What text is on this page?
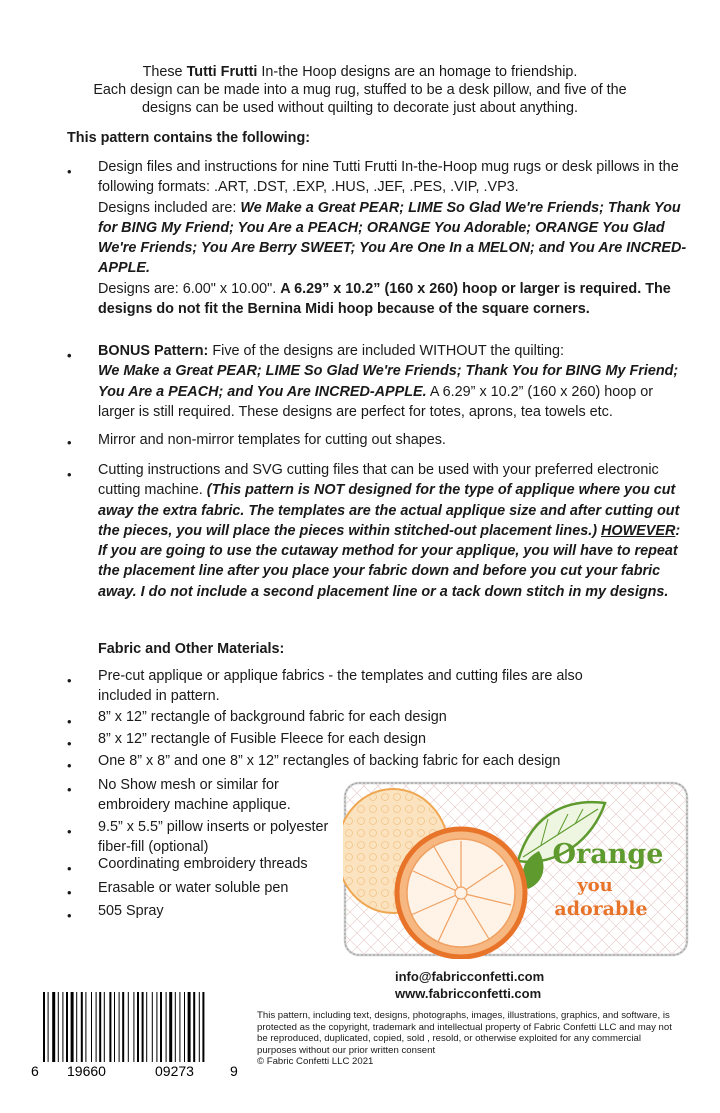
These Tutti Frutti In-the Hoop designs are an homage to friendship.
Each design can be made into a mug rug, stuffed to be a desk pillow, and five of the
designs can be used without quilting to decorate just about anything.
This pattern contains the following:
• Design files and instructions for nine Tutti Frutti In-the-Hoop mug rugs or desk pillows in the following formats: .ART, .DST, .EXP, .HUS, .JEF, .PES, .VIP, .VP3.
Designs included are: We Make a Great PEAR; LIME So Glad We're Friends; Thank You for BING My Friend; You Are a PEACH; ORANGE You Adorable; ORANGE You Glad We're Friends; You Are Berry SWEET; You Are One In a MELON; and You Are INCRED-APPLE.
Designs are: 6.00" x 10.00". A 6.29” x 10.2” (160 x 260) hoop or larger is required. The designs do not fit the Bernina Midi hoop because of the square corners.
• BONUS Pattern: Five of the designs are included WITHOUT the quilting:
We Make a Great PEAR; LIME So Glad We're Friends; Thank You for BING My Friend; You Are a PEACH; and You Are INCRED-APPLE. A 6.29” x 10.2” (160 x 260) hoop or larger is still required. These designs are perfect for totes, aprons, tea towels etc.
• Mirror and non-mirror templates for cutting out shapes.
• Cutting instructions and SVG cutting files that can be used with your preferred electronic cutting machine. (This pattern is NOT designed for the type of applique where you cut away the extra fabric. The templates are the actual applique size and after cutting out the pieces, you will place the pieces within stitched-out placement lines.) HOWEVER: If you are going to use the cutaway method for your applique, you will have to repeat the placement line after you place your fabric down and before you cut your fabric away. I do not include a second placement line or a tack down stitch in my designs.
Fabric and Other Materials:
• Pre-cut applique or applique fabrics - the templates and cutting files are also included in pattern.
• 8” x 12” rectangle of background fabric for each design
• 8” x 12” rectangle of Fusible Fleece for each design
• One 8” x 8” and one 8” x 12” rectangles of backing fabric for each design
• No Show mesh or similar for embroidery machine applique.
• 9.5” x 5.5” pillow inserts or polyester fiber-fill (optional)
• Coordinating embroidery threads
• Erasable or water soluble pen
• 505 Spray
Orange
you
adorable
info@fabricconfetti.com
www.fabricconfetti.com
6 19660	09273	9
This pattern, including text, designs, photographs, images, illustrations, graphics, and software, is protected as the copyright, trademark and intellectual property of Fabric Confetti LLC and may not be reproduced, duplicated, copied, sold , resold, or otherwise exploited for any commercial purposes without our prior written consent
© Fabric Confetti LLC 2021
